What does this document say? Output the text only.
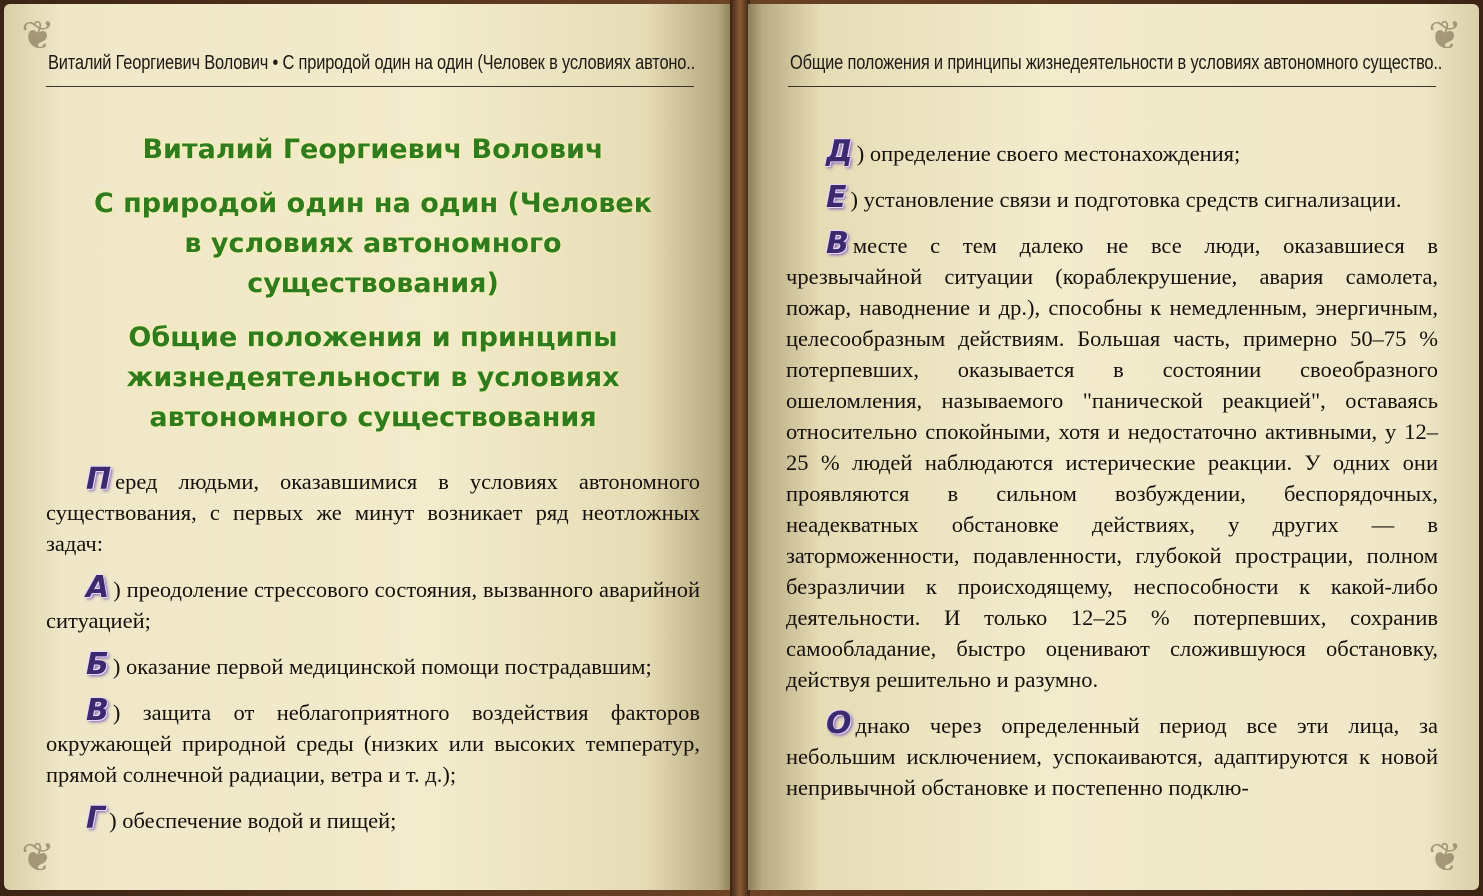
❦
❦
Виталий Георгиевич Волович • С природой один на один (Человек в условиях автоно..
Виталий Георгиевич Волович
С природой один на один (Человек в условиях автономного существования)
Общие положения и принципы жизнедеятельности в условиях автономного существования

П еред людьми, оказавшимися в условиях автономного существования, с первых же минут возникает ряд неотложных задач:

А ) преодоление стрессового состояния, вызванного аварийной ситуацией;

Б ) оказание первой медицинской помощи пострадавшим;

В ) защита от неблагоприятного воздействия факторов окружающей природной среды (низких или высоких температур, прямой солнечной радиации, ветра и т. д.);

Г ) обеспечение водой и пищей;

❦
❦
Общие положения и принципы жизнедеятельности в условиях автономного существо..

Д ) определение своего местонахождения;

Е ) установление связи и подготовка средств сигнализации.

В месте с тем далеко не все люди, оказавшиеся в чрезвычайной ситуации (кораблекрушение, авария самолета, пожар, наводнение и др.), способны к немедленным, энергичным, целесообразным действиям. Большая часть, примерно 50–75 % потерпевших, оказывается в состоянии своеобразного ошеломления, называемого "панической реакцией", оставаясь относительно спокойными, хотя и недостаточно активными, у 12–25 % людей наблюдаются истерические реакции. У одних они проявляются в сильном возбуждении, беспорядочных, неадекватных обстановке действиях, у других — в заторможенности, подавленности, глубокой прострации, полном безразличии к происходящему, неспособности к какой-либо деятельности. И только 12–25 % потерпевших, сохранив самообладание, быстро оценивают сложившуюся обстановку, действуя решительно и разумно.

О днако через определенный период все эти лица, за небольшим исключением, успокаиваются, адаптируются к новой непривычной обстановке и постепенно подклю-
